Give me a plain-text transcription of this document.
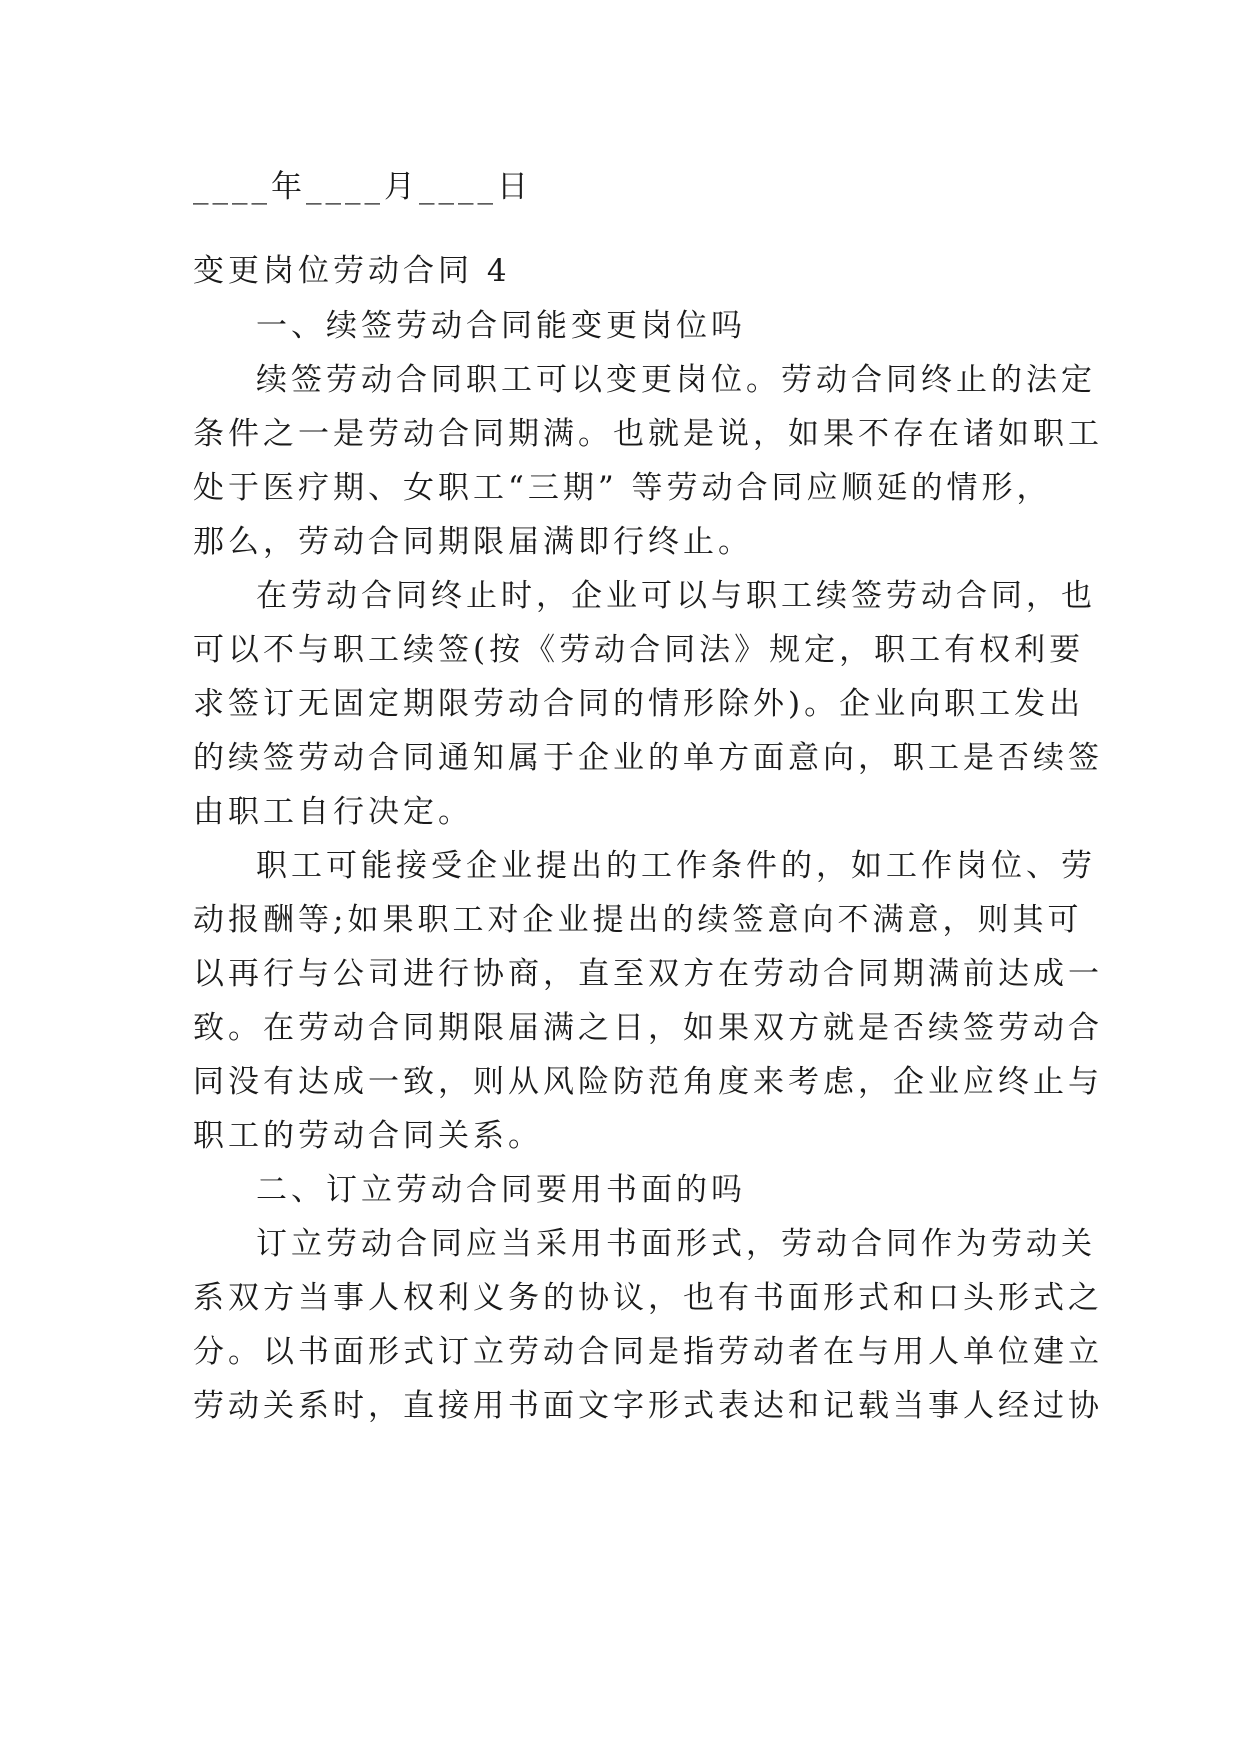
____年____月____日
变更岗位劳动合同 4
一、续签劳动合同能变更岗位吗
续签劳动合同职工可以变更岗位。劳动合同终止的法定
条件之一是劳动合同期满。也就是说，如果不存在诸如职工
处于医疗期、女职工“三期” 等劳动合同应顺延的情形，
那么，劳动合同期限届满即行终止。
在劳动合同终止时，企业可以与职工续签劳动合同，也
可以不与职工续签(按《劳动合同法》规定，职工有权利要
求签订无固定期限劳动合同的情形除外)。企业向职工发出
的续签劳动合同通知属于企业的单方面意向，职工是否续签
由职工自行决定。
职工可能接受企业提出的工作条件的，如工作岗位、劳
动报酬等;如果职工对企业提出的续签意向不满意，则其可
以再行与公司进行协商，直至双方在劳动合同期满前达成一
致。在劳动合同期限届满之日，如果双方就是否续签劳动合
同没有达成一致，则从风险防范角度来考虑，企业应终止与
职工的劳动合同关系。
二、订立劳动合同要用书面的吗
订立劳动合同应当采用书面形式，劳动合同作为劳动关
系双方当事人权利义务的协议，也有书面形式和口头形式之
分。以书面形式订立劳动合同是指劳动者在与用人单位建立
劳动关系时，直接用书面文字形式表达和记载当事人经过协
